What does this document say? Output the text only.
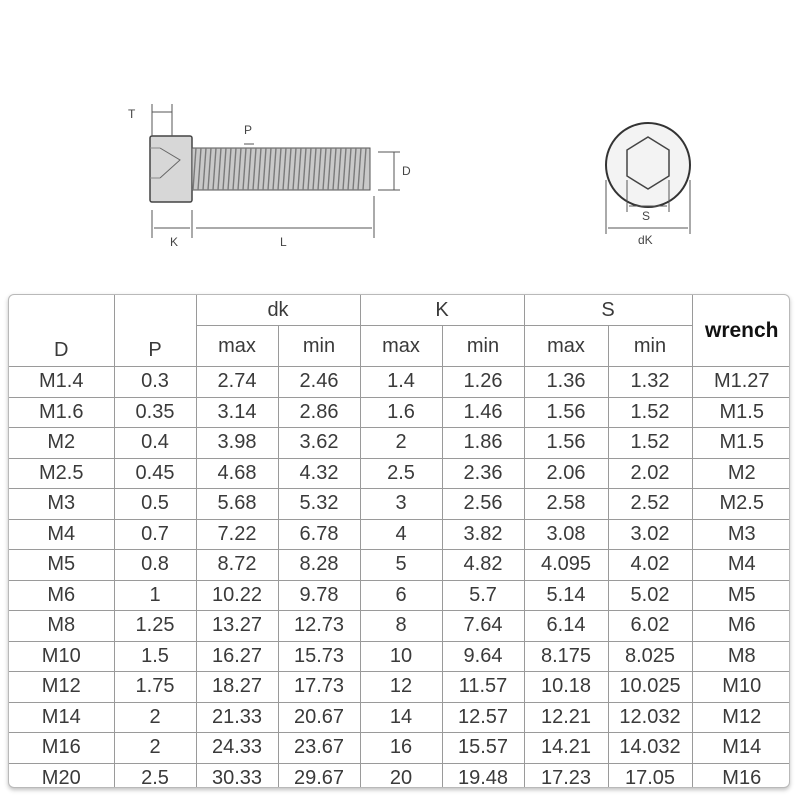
T
P
D
K	L
S
dK
D	P	dk		K		S		wrench
		max	min	max	min	max	min	
M1.4	0.3	2.74	2.46	1.4	1.26	1.36	1.32	M1.27
M1.6	0.35	3.14	2.86	1.6	1.46	1.56	1.52	M1.5
M2	0.4	3.98	3.62	2	1.86	1.56	1.52	M1.5
M2.5	0.45	4.68	4.32	2.5	2.36	2.06	2.02	M2
M3	0.5	5.68	5.32	3	2.56	2.58	2.52	M2.5
M4	0.7	7.22	6.78	4	3.82	3.08	3.02	M3
M5	0.8	8.72	8.28	5	4.82	4.095	4.02	M4
M6	1	10.22	9.78	6	5.7	5.14	5.02	M5
M8	1.25	13.27	12.73	8	7.64	6.14	6.02	M6
M10	1.5	16.27	15.73	10	9.64	8.175	8.025	M8
M12	1.75	18.27	17.73	12	11.57	10.18	10.025	M10
M14	2	21.33	20.67	14	12.57	12.21	12.032	M12
M16	2	24.33	23.67	16	15.57	14.21	14.032	M14
M20	2.5	30.33	29.67	20	19.48	17.23	17.05	M16
